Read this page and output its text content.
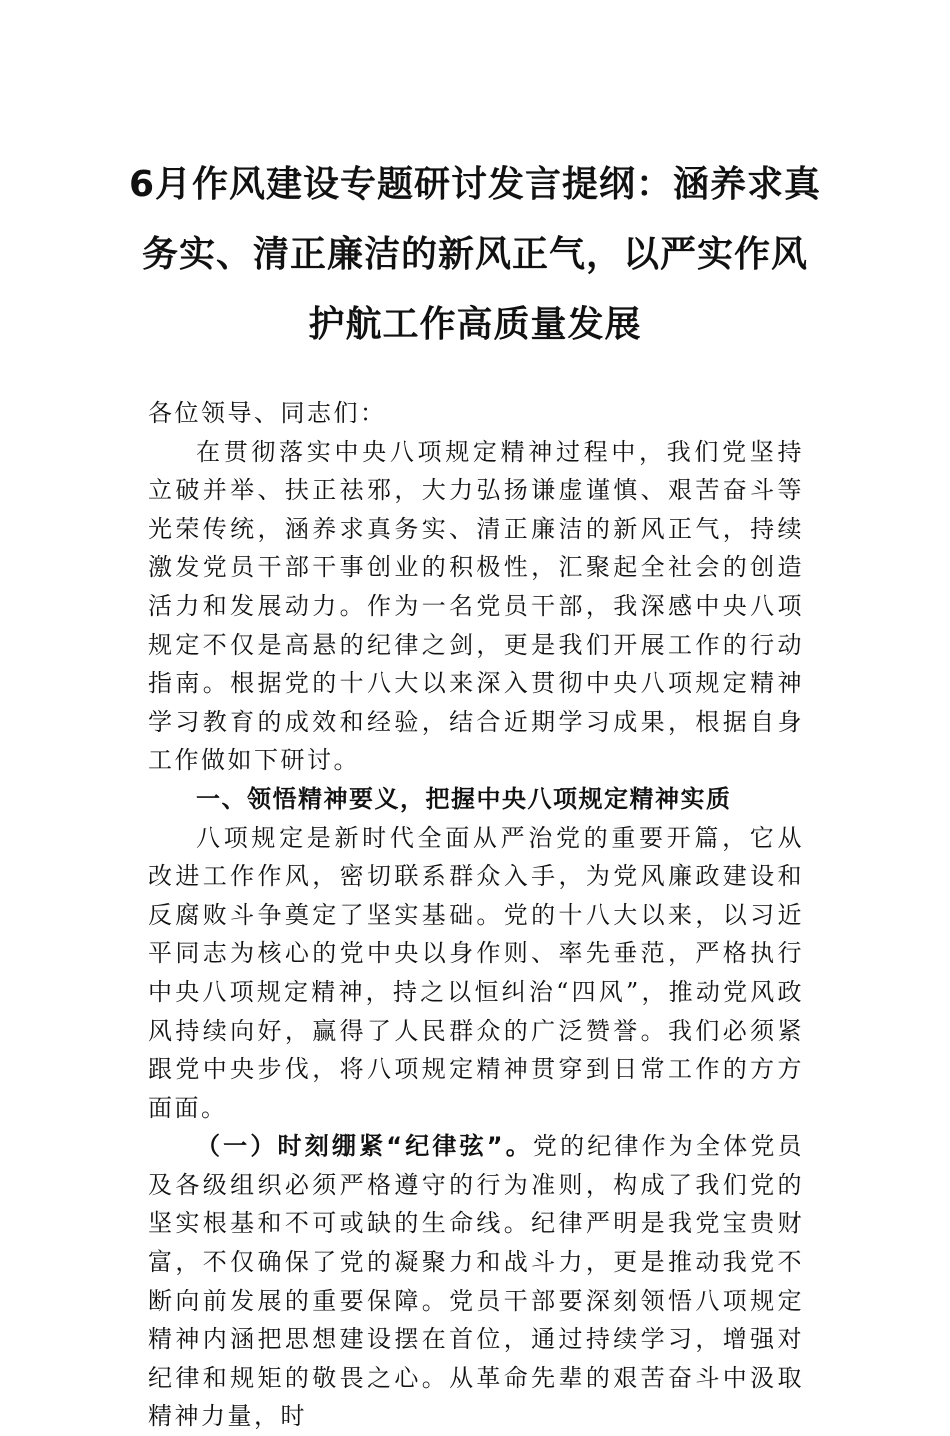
6月作风建设专题研讨发言提纲：涵养求真
务实、清正廉洁的新风正气，以严实作风
护航工作高质量发展

各位领导、同志们：

在贯彻落实中央八项规定精神过程中，我们党坚持立破并举、扶正祛邪，大力弘扬谦虚谨慎、艰苦奋斗等光荣传统，涵养求真务实、清正廉洁的新风正气，持续激发党员干部干事创业的积极性，汇聚起全社会的创造活力和发展动力。作为一名党员干部，我深感中央八项规定不仅是高悬的纪律之剑，更是我们开展工作的行动指南。根据党的十八大以来深入贯彻中央八项规定精神学习教育的成效和经验，结合近期学习成果，根据自身工作做如下研讨。

一、领悟精神要义，把握中央八项规定精神实质

八项规定是新时代全面从严治党的重要开篇，它从改进工作作风，密切联系群众入手，为党风廉政建设和反腐败斗争奠定了坚实基础。党的十八大以来，以习近平同志为核心的党中央以身作则、率先垂范，严格执行中央八项规定精神，持之以恒纠治“四风”，推动党风政风持续向好，赢得了人民群众的广泛赞誉。我们必须紧跟党中央步伐，将八项规定精神贯穿到日常工作的方方面面。

（一）时刻绷紧“纪律弦”。党的纪律作为全体党员及各级组织必须严格遵守的行为准则，构成了我们党的坚实根基和不可或缺的生命线。纪律严明是我党宝贵财富，不仅确保了党的凝聚力和战斗力，更是推动我党不断向前发展的重要保障。党员干部要深刻领悟八项规定精神内涵把思想建设摆在首位，通过持续学习，增强对纪律和规矩的敬畏之心。从革命先辈的艰苦奋斗中汲取精神力量，时
